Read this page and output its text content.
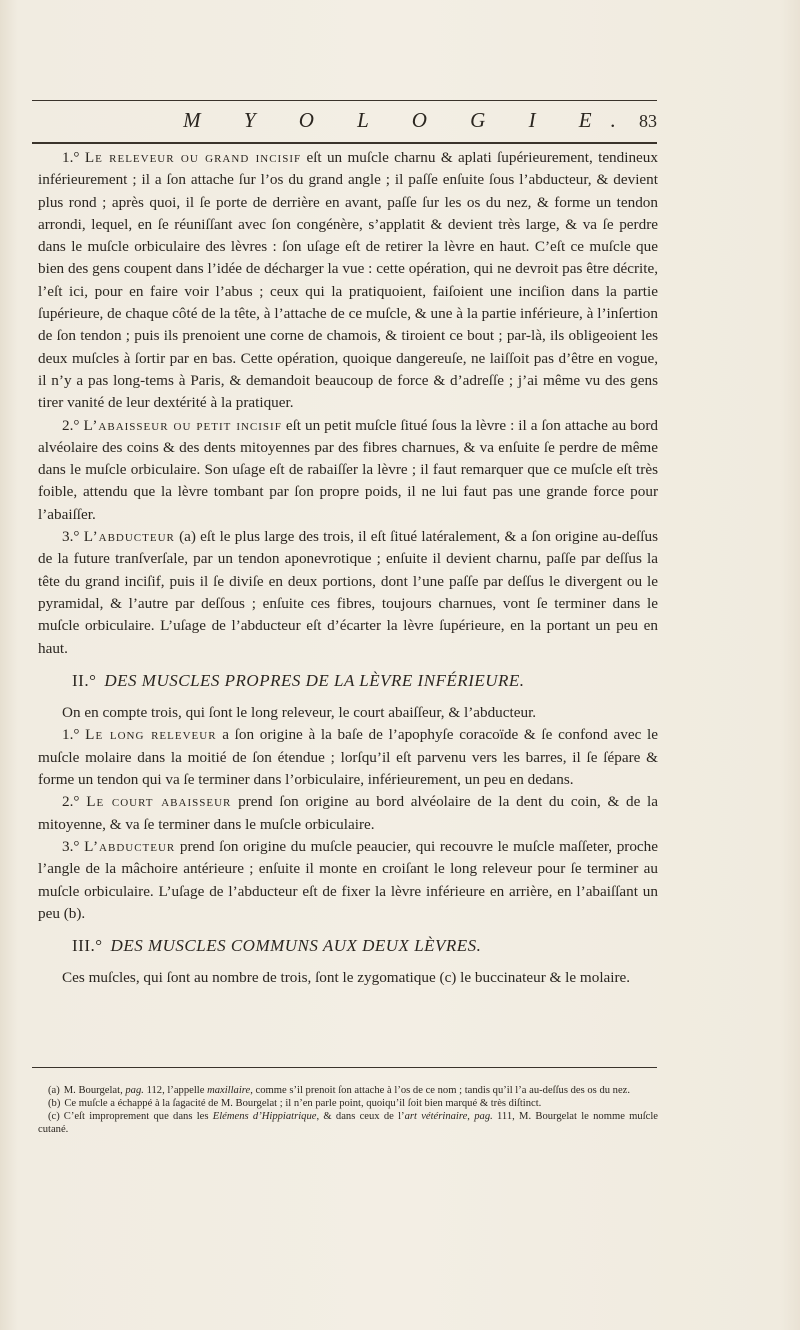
M Y O L O G I E. 83

1.° Le releveur ou grand incisif eſt un muſcle charnu & aplati ſupérieurement, tendineux inférieurement ; il a ſon attache ſur l’os du grand angle ; il paſſe enſuite ſous l’abducteur, & devient plus rond ; après quoi, il ſe porte de derrière en avant, paſſe ſur les os du nez, & forme un tendon arrondi, lequel, en ſe réuniſſant avec ſon congénère, s’applatit & devient très large, & va ſe perdre dans le muſcle orbiculaire des lèvres : ſon uſage eſt de retirer la lèvre en haut. C’eſt ce muſcle que bien des gens coupent dans l’idée de décharger la vue : cette opération, qui ne devroit pas être décrite, l’eſt ici, pour en faire voir l’abus ; ceux qui la pratiquoient, faiſoient une inciſion dans la partie ſupérieure, de chaque côté de la tête, à l’attache de ce muſcle, & une à la partie inférieure, à l’inſertion de ſon tendon ; puis ils prenoient une corne de chamois, & tiroient ce bout ; par-là, ils obligeoient les deux muſcles à ſortir par en bas. Cette opération, quoique dangereuſe, ne laiſſoit pas d’être en vogue, il n’y a pas long-tems à Paris, & demandoit beaucoup de force & d’adreſſe ; j’ai même vu des gens tirer vanité de leur dextérité à la pratiquer.

2.° L’abaisseur ou petit incisif eſt un petit muſcle ſitué ſous la lèvre : il a ſon attache au bord alvéolaire des coins & des dents mitoyennes par des fibres charnues, & va enſuite ſe perdre de même dans le muſcle orbiculaire. Son uſage eſt de rabaiſſer la lèvre ; il faut remarquer que ce muſcle eſt très foible, attendu que la lèvre tombant par ſon propre poids, il ne lui faut pas une grande force pour l’abaiſſer.

3.° L’abducteur (a) eſt le plus large des trois, il eſt ſitué latéralement, & a ſon origine au-deſſus de la future tranſverſale, par un tendon aponevrotique ; enſuite il devient charnu, paſſe par deſſus la tête du grand inciſif, puis il ſe diviſe en deux portions, dont l’une paſſe par deſſus le divergent ou le pyramidal, & l’autre par deſſous ; enſuite ces fibres, toujours charnues, vont ſe terminer dans le muſcle orbiculaire. L’uſage de l’abducteur eſt d’écarter la lèvre ſupérieure, en la portant un peu en haut.

II.° DES MUSCLES PROPRES DE LA LÈVRE INFÉRIEURE.

On en compte trois, qui ſont le long releveur, le court abaiſſeur, & l’abducteur.

1.° Le long releveur a ſon origine à la baſe de l’apophyſe coracoïde & ſe confond avec le muſcle molaire dans la moitié de ſon étendue ; lorſqu’il eſt parvenu vers les barres, il ſe ſépare & forme un tendon qui va ſe terminer dans l’orbiculaire, inférieurement, un peu en dedans.

2.° Le court abaisseur prend ſon origine au bord alvéolaire de la dent du coin, & de la mitoyenne, & va ſe terminer dans le muſcle orbiculaire.

3.° L’abducteur prend ſon origine du muſcle peaucier, qui recouvre le muſcle maſſeter, proche l’angle de la mâchoire antérieure ; enſuite il monte en croiſant le long releveur pour ſe terminer au muſcle orbiculaire. L’uſage de l’abducteur eſt de fixer la lèvre inférieure en arrière, en l’abaiſſant un peu (b).

III.° DES MUSCLES COMMUNS AUX DEUX LÈVRES.

Ces muſcles, qui ſont au nombre de trois, ſont le zygomatique (c) le buccinateur & le molaire.

(a) M. Bourgelat, pag. 112, l’appelle maxillaire, comme s’il prenoit ſon attache à l’os de ce nom ; tandis qu’il l’a au-deſſus des os du nez.

(b) Ce muſcle a échappé à la ſagacité de M. Bourgelat ; il n’en parle point, quoiqu’il ſoit bien marqué & très diſtinct.

(c) C’eſt improprement que dans les Elémens d’Hippiatrique, & dans ceux de l’art vétérinaire, pag. 111, M. Bourgelat le nomme muſcle cutané.
